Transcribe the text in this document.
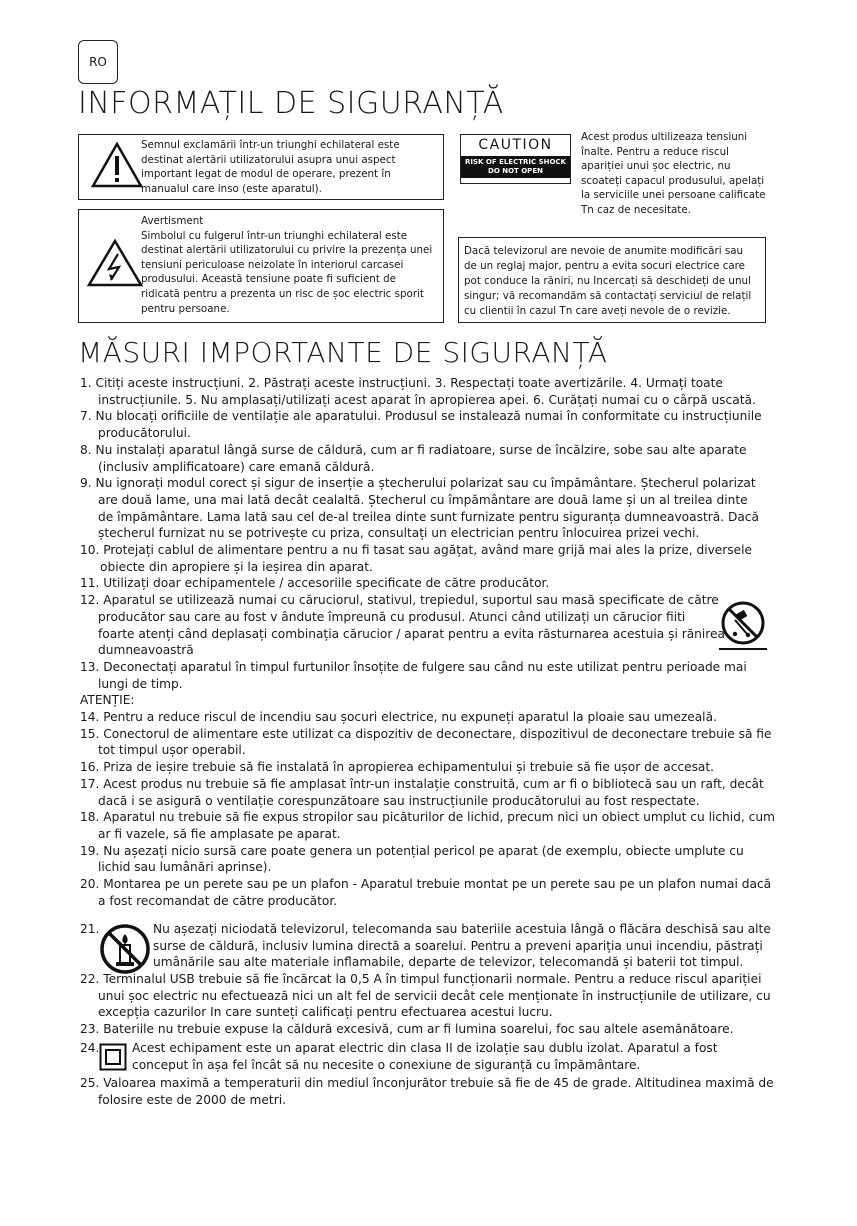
RO
INFORMAȚIL DE SIGURANȚĂ
Semnul exclamării într-un triunghi echilateral este
destinat alertării utilizatorului asupra unui aspect
important legat de modul de operare, prezent în
manualul care inso (este aparatul).
Avertisment
Simbolul cu fulgerul într-un triunghi echilateral este
destinat alertării utilizatorului cu privire la prezența unei
tensiuni periculoase neizolate în interiorul carcasei
produsului. Această tensiune poate fi suficient de
ridicată pentru a prezenta un risc de șoc electric sporit
pentru persoane.
CAUTION
RISK OF ELECTRIC SHOCK
DO NOT OPEN
Acest produs ultilizeaza tensiuni
înalte. Pentru a reduce riscul
apariției unui șoc electric, nu
scoateți capacul produsului, apelați
la serviciile unei persoane calificate
Tn caz de necesitate.
Dacă televizorul are nevoie de anumite modificări sau
de un reglaj major, pentru a evita socuri electrice care
pot conduce la răniri, nu Incercați să deschideți de unul
singur; vă recomandăm să contactați serviciul de relațil
cu clientii în cazul Tn care aveți nevole de o revizie.
MĂSURI IMPORTANTE DE SIGURANȚĂ
1. Citiți aceste instrucțiuni. 2. Păstrați aceste instrucțiuni. 3. Respectați toate avertizările. 4. Urmați toate
instrucțiunile. 5. Nu amplasați/utilizați acest aparat în apropierea apei. 6. Curățați numai cu o cârpă uscată.
7. Nu blocați orificiile de ventilație ale aparatului. Produsul se instalează numai în conformitate cu instrucțiunile
producătorului.
8. Nu instalați aparatul lângă surse de căldură, cum ar fi radiatoare, surse de încălzire, sobe sau alte aparate
(inclusiv amplificatoare) care emană căldură.
9. Nu ignorați modul corect și sigur de inserție a ștecherului polarizat sau cu împământare. Ștecherul polarizat
are două lame, una mai lată decât cealaltă. Ștecherul cu împământare are două lame și un al treilea dinte
de împământare. Lama lată sau cel de-al treilea dinte sunt furnizate pentru siguranța dumneavoastră. Dacă
ștecherul furnizat nu se potrivește cu priza, consultați un electrician pentru înlocuirea prizei vechi.
10. Protejați cablul de alimentare pentru a nu fi tasat sau agățat, având mare grijă mai ales la prize, diversele
obiecte din apropiere și la ieșirea din aparat.
11. Utilizați doar echipamentele / accesoriile specificate de către producător.
12. Aparatul se utilizează numai cu căruciorul, stativul, trepiedul, suportul sau masă specificate de către
producător sau care au fost v ândute împreună cu produsul. Atunci când utilizați un cărucior fiiti
foarte atenți când deplasați combinația cărucior / aparat pentru a evita răsturnarea acestuia și rănirea
dumneavoastră
13. Deconectați aparatul în timpul furtunilor însoțite de fulgere sau când nu este utilizat pentru perioade mai
lungi de timp.
ATENȚIE:
14. Pentru a reduce riscul de incendiu sau șocuri electrice, nu expuneți aparatul la ploaie sau umezeală.
15. Conectorul de alimentare este utilizat ca dispozitiv de deconectare, dispozitivul de deconectare trebuie să fie
tot timpul ușor operabil.
16. Priza de ieșire trebuie să fie instalată în apropierea echipamentului și trebuie să fie ușor de accesat.
17. Acest produs nu trebuie să fie amplasat într-un instalație construită, cum ar fi o bibliotecă sau un raft, decât
dacă i se asigură o ventilație corespunzătoare sau instrucțiunile producătorului au fost respectate.
18. Aparatul nu trebuie să fie expus stropilor sau picăturilor de lichid, precum nici un obiect umplut cu lichid, cum
ar fi vazele, să fie amplasate pe aparat.
19. Nu așezați nicio sursă care poate genera un potențial pericol pe aparat (de exemplu, obiecte umplute cu
lichid sau lumânări aprinse).
20. Montarea pe un perete sau pe un plafon - Aparatul trebuie montat pe un perete sau pe un plafon numai dacă
a fost recomandat de către producător.
21.	Nu așezați niciodată televizorul, telecomanda sau bateriile acestuia lângă o flăcăra deschisă sau alte
surse de căldură, inclusiv lumina directă a soarelui. Pentru a preveni apariția unui incendiu, păstrați
umânările sau alte materiale inflamabile, departe de televizor, telecomandă și baterii tot timpul.
22. Terminalul USB trebuie să fie încărcat la 0,5 A în timpul funcționarii normale. Pentru a reduce riscul apariției
unui șoc electric nu efectuează nici un alt fel de servicii decât cele menționate în instrucțiunile de utilizare, cu
excepția cazurilor In care sunteți calificați pentru efectuarea acestui lucru.
23. Bateriile nu trebuie expuse la căldură excesivă, cum ar fi lumina soarelui, foc sau altele asemănătoare.
24.	Acest echipament este un aparat electric din clasa II de izolație sau dublu izolat. Aparatul a fost
conceput în așa fel încât să nu necesite o conexiune de siguranță cu împământare.
25. Valoarea maximă a temperaturii din mediul înconjurător trebuie să fie de 45 de grade. Altitudinea maximă de
folosire este de 2000 de metri.
